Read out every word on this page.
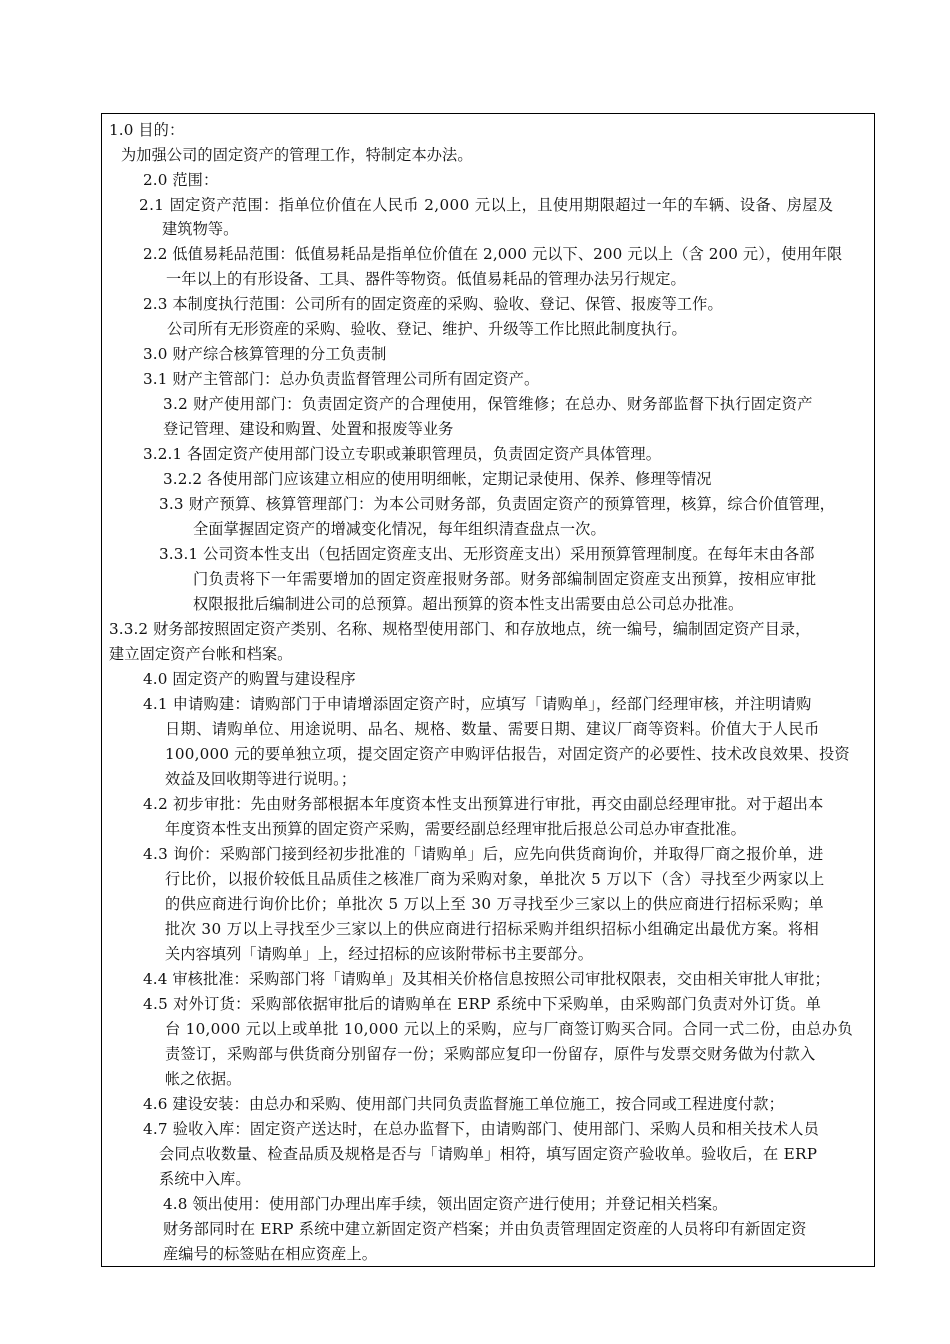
1.0 目的：
为加强公司的固定资产的管理工作，特制定本办法。
2.0 范围：
2.1 固定资产范围：指单位价值在人民币 2,000 元以上，且使用期限超过一年的车辆、设备、房屋及
建筑物等。
2.2 低值易耗品范围：低值易耗品是指单位价值在 2,000 元以下、200 元以上（含 200 元），使用年限
一年以上的有形设备、工具、器件等物资。低值易耗品的管理办法另行规定。
2.3 本制度执行范围：公司所有的固定资産的采购、验收、登记、保管、报废等工作。
公司所有无形资産的采购、验收、登记、维护、升级等工作比照此制度执行。
3.0 财产综合核算管理的分工负责制
3.1 财产主管部门：总办负责监督管理公司所有固定资产。
3.2 财产使用部门：负责固定资产的合理使用，保管维修；在总办、财务部监督下执行固定资产
登记管理、建设和购置、处置和报废等业务
3.2.1 各固定资产使用部门设立专职或兼职管理员，负责固定资产具体管理。
3.2.2 各使用部门应该建立相应的使用明细帐，定期记录使用、保养、修理等情况
3.3 财产预算、核算管理部门：为本公司财务部，负责固定资产的预算管理，核算，综合价值管理，
全面掌握固定资产的增减变化情况，每年组织清查盘点一次。
3.3.1 公司资本性支出（包括固定资産支出、无形资産支出）采用预算管理制度。在每年末由各部
门负责将下一年需要增加的固定资産报财务部。财务部编制固定资産支出预算，按相应审批
权限报批后编制进公司的总预算。超出预算的资本性支出需要由总公司总办批准。
3.3.2 财务部按照固定资产类别、名称、规格型使用部门、和存放地点，统一编号，编制固定资产目录，
建立固定资产台帐和档案。
4.0 固定资产的购置与建设程序
4.1 申请购建：请购部门于申请增添固定资产时，应填写「请购单」，经部门经理审核，并注明请购
日期、请购单位、用途说明、品名、规格、数量、需要日期、建议厂商等资料。价值大于人民币
100,000 元的要单独立项，提交固定资产申购评估报告，对固定资产的必要性、技术改良效果、投资
效益及回收期等进行说明。；
4.2 初步审批：先由财务部根据本年度资本性支出预算进行审批，再交由副总经理审批。对于超出本
年度资本性支出预算的固定资产采购，需要经副总经理审批后报总公司总办审查批准。
4.3 询价：采购部门接到经初步批准的「请购单」后，应先向供货商询价，并取得厂商之报价单，进
行比价，以报价较低且品质佳之核准厂商为采购对象，单批次 5 万以下（含）寻找至少两家以上
的供应商进行询价比价；单批次 5 万以上至 30 万寻找至少三家以上的供应商进行招标采购；单
批次 30 万以上寻找至少三家以上的供应商进行招标采购并组织招标小组确定出最优方案。将相
关内容填列「请购单」上，经过招标的应该附带标书主要部分。
4.4 审核批准：采购部门将「请购单」及其相关价格信息按照公司审批权限表，交由相关审批人审批；
4.5 对外订货：采购部依据审批后的请购单在 ERP 系统中下采购单，由采购部门负责对外订货。单
台 10,000 元以上或单批 10,000 元以上的采购，应与厂商签订购买合同。合同一式二份，由总办负
责签订，采购部与供货商分别留存一份；采购部应复印一份留存，原件与发票交财务做为付款入
帐之依据。
4.6 建设安装：由总办和采购、使用部门共同负责监督施工单位施工，按合同或工程进度付款；
4.7 验收入库：固定资产送达时，在总办监督下，由请购部门、使用部门、采购人员和相关技术人员
会同点收数量、检查品质及规格是否与「请购单」相符，填写固定资产验收单。验收后，在 ERP
系统中入库。
4.8 领出使用：使用部门办理出库手续，领出固定资产进行使用；并登记相关档案。
财务部同时在 ERP 系统中建立新固定资产档案；并由负责管理固定资産的人员将印有新固定资
産编号的标签贴在相应资産上。
